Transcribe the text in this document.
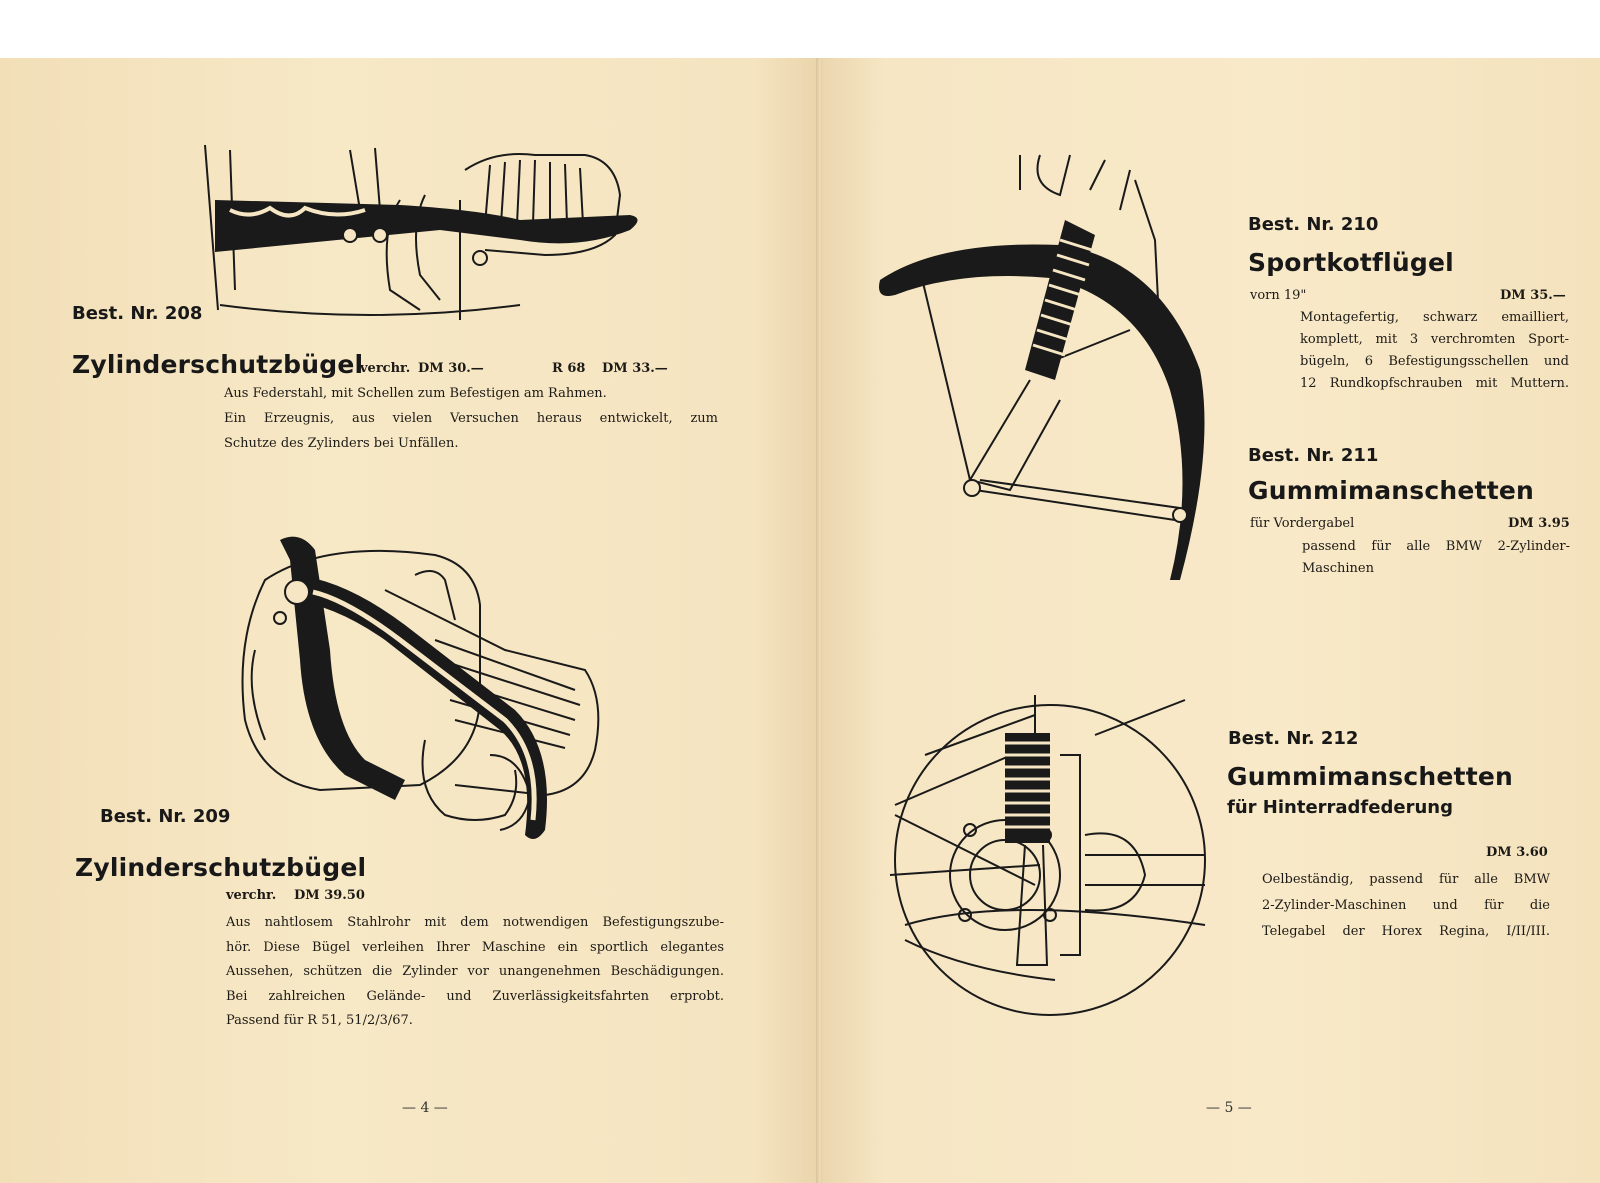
Best. Nr. 208
Zylinderschutzbügel
verchr. DM 30.—	R 68 DM 33.—
Aus Federstahl, mit Schellen zum Befestigen am Rahmen.
Ein Erzeugnis, aus vielen Versuchen heraus entwickelt, zum
Schutze des Zylinders bei Unfällen.
Best. Nr. 209
Zylinderschutzbügel
verchr. DM 39.50
Aus nahtlosem Stahlrohr mit dem notwendigen Befestigungszube-
hör. Diese Bügel verleihen Ihrer Maschine ein sportlich elegantes
Aussehen, schützen die Zylinder vor unangenehmen Beschädigungen.
Bei zahlreichen Gelände- und Zuverlässigkeitsfahrten erprobt.
Passend für R 51, 51/2/3/67.
— 4 —
Best. Nr. 210
Sportkotflügel
vorn 19"	DM 35.—
Montagefertig, schwarz emailliert,
komplett, mit 3 verchromten Sport-
bügeln, 6 Befestigungsschellen und
12 Rundkopfschrauben mit Muttern.
Best. Nr. 211
Gummimanschetten
für Vordergabel	DM 3.95
passend für alle BMW 2-Zylinder-
Maschinen
Best. Nr. 212
Gummimanschetten
für Hinterradfederung
DM 3.60
Oelbeständig, passend für alle BMW
2-Zylinder-Maschinen und für die
Telegabel der Horex Regina, I/II/III.
— 5 —
